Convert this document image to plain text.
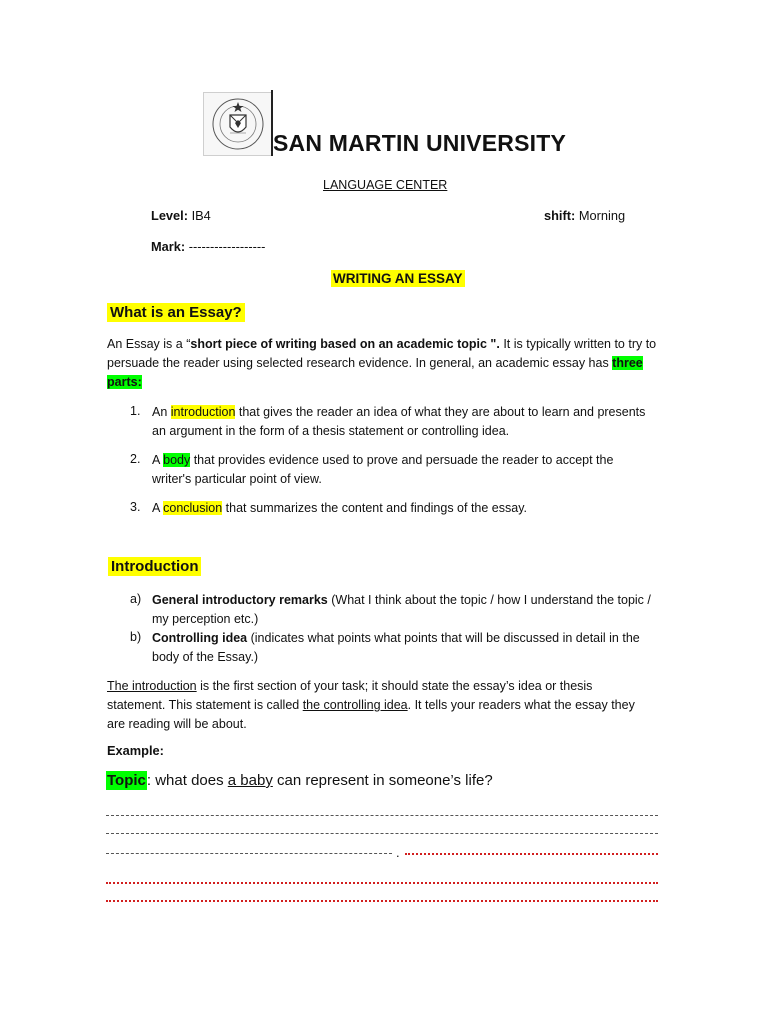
SAN MARTIN UNIVERSITY
LANGUAGE CENTER
Level: IB4	shift: Morning
Mark: ------------------
WRITING AN ESSAY
What is an Essay?

An Essay is a “short piece of writing based on an academic topic ". It is typically written to try to persuade the reader using selected research evidence. In general, an academic essay has three parts:

1. An introduction that gives the reader an idea of what they are about to learn and presents an argument in the form of a thesis statement or controlling idea.

2. A body that provides evidence used to prove and persuade the reader to accept the writer's particular point of view.

3. A conclusion that summarizes the content and findings of the essay.

Introduction
a) General introductory remarks (What I think about the topic / how I understand the topic / my perception etc.)

b) Controlling idea (indicates what points what points that will be discussed in detail in the body of the Essay.)

The introduction is the first section of your task; it should state the essay’s idea or thesis statement. This statement is called the controlling idea. It tells your readers what the essay they are reading will be about.

Example:
Topic: what does a baby can represent in someone’s life?
.
